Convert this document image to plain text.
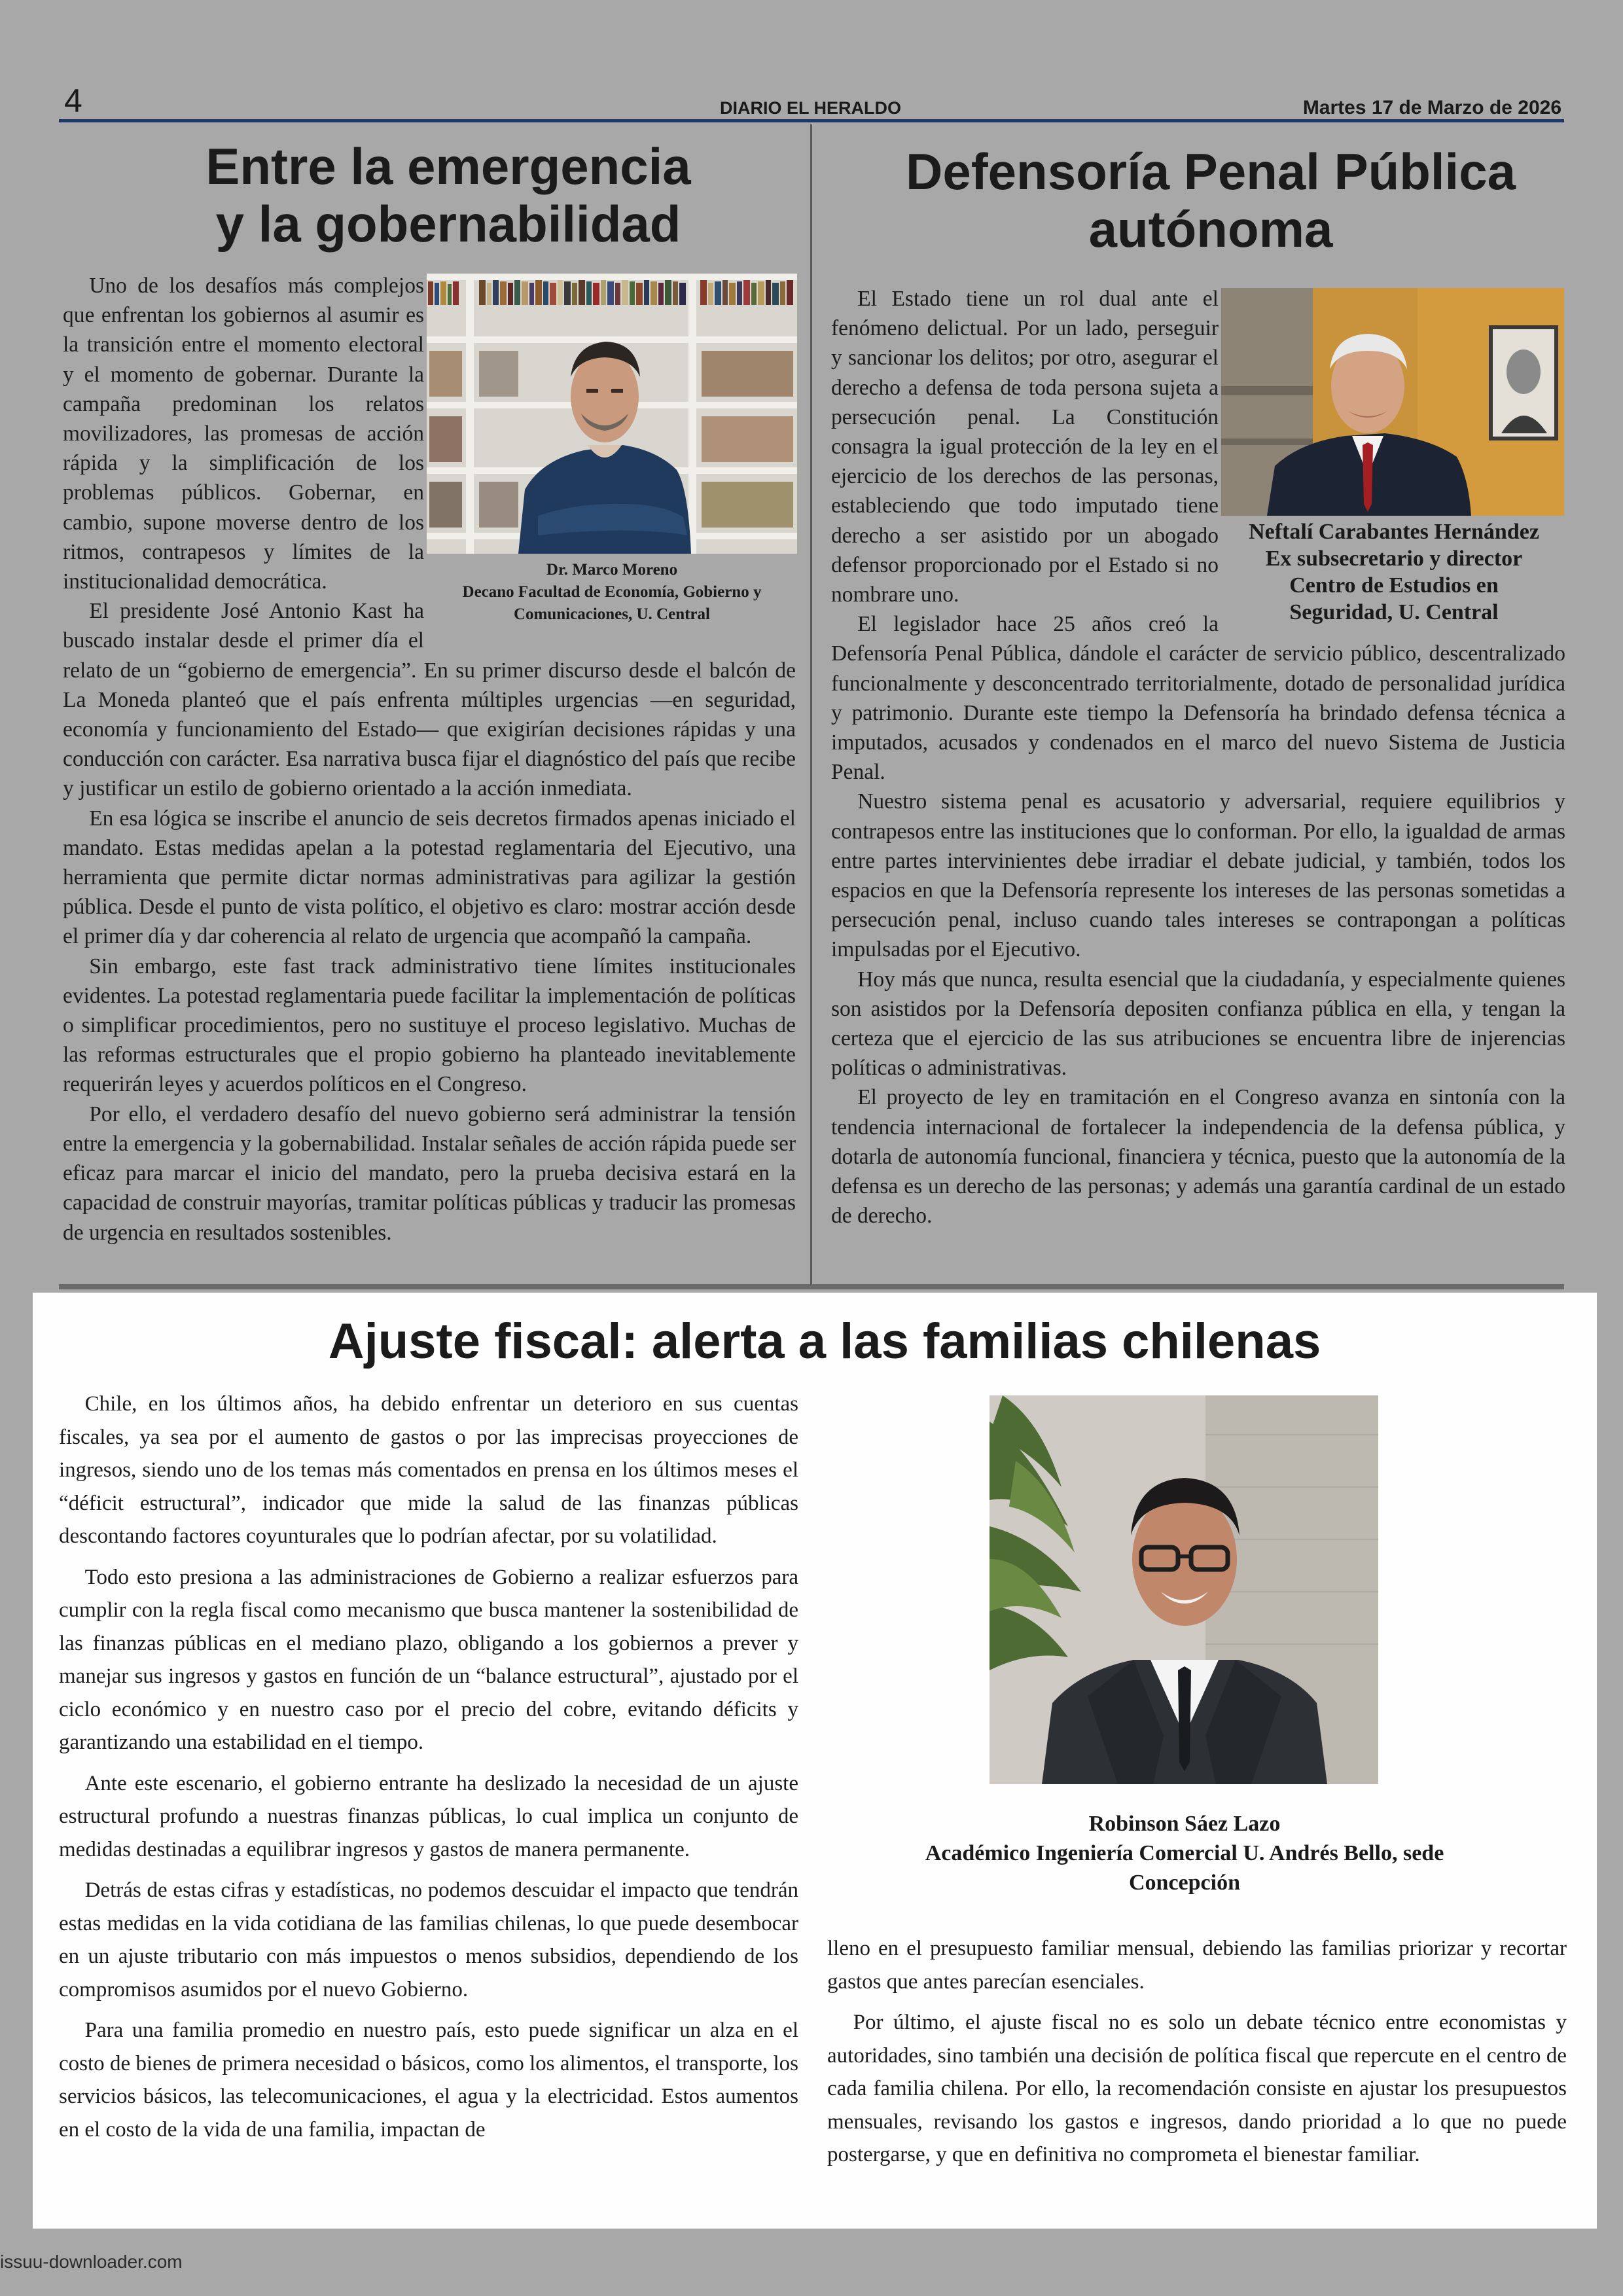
4	DIARIO EL HERALDO	Martes 17 de Marzo de 2026
Entre la emergencia
y la gobernabilidad
Dr. Marco Moreno
Decano Facultad de Economía, Gobierno y
Comunicaciones, U. Central

Uno de los desafíos más complejos que enfrentan los gobiernos al asumir es la transición entre el momento electoral y el momento de gobernar. Durante la campaña predominan los relatos movilizadores, las promesas de acción rápida y la simplificación de los problemas públicos. Gobernar, en cambio, supone moverse dentro de los ritmos, contrapesos y límites de la institucionalidad democrática.

El presidente José Antonio Kast ha buscado instalar desde el primer día el relato de un “gobierno de emergencia”. En su primer discurso desde el balcón de La Moneda planteó que el país enfrenta múltiples urgencias —en seguridad, economía y funcionamiento del Estado— que exigirían decisiones rápidas y una conducción con carácter. Esa narrativa busca fijar el diagnóstico del país que recibe y justificar un estilo de gobierno orientado a la acción inmediata.

En esa lógica se inscribe el anuncio de seis decretos firmados apenas iniciado el mandato. Estas medidas apelan a la potestad reglamentaria del Ejecutivo, una herramienta que permite dictar normas administrativas para agilizar la gestión pública. Desde el punto de vista político, el objetivo es claro: mostrar acción desde el primer día y dar coherencia al relato de urgencia que acompañó la campaña.

Sin embargo, este fast track administrativo tiene límites institucionales evidentes. La potestad reglamentaria puede facilitar la implementación de políticas o simplificar procedimientos, pero no sustituye el proceso legislativo. Muchas de las reformas estructurales que el propio gobierno ha planteado inevitablemente requerirán leyes y acuerdos políticos en el Congreso.

Por ello, el verdadero desafío del nuevo gobierno será administrar la tensión entre la emergencia y la gobernabilidad. Instalar señales de acción rápida puede ser eficaz para marcar el inicio del mandato, pero la prueba decisiva estará en la capacidad de construir mayorías, tramitar políticas públicas y traducir las promesas de urgencia en resultados sostenibles.

Defensoría Penal Pública
autónoma
Neftalí Carabantes Hernández
Ex subsecretario y director
Centro de Estudios en
Seguridad, U. Central

El Estado tiene un rol dual ante el fenómeno delictual. Por un lado, perseguir y sancionar los delitos; por otro, asegurar el derecho a defensa de toda persona sujeta a persecución penal. La Constitución consagra la igual protección de la ley en el ejercicio de los derechos de las personas, estableciendo que todo imputado tiene derecho a ser asistido por un abogado defensor proporcionado por el Estado si no nombrare uno.

El legislador hace 25 años creó la Defensoría Penal Pública, dándole el carácter de servicio público, descentralizado funcionalmente y desconcentrado territorialmente, dotado de personalidad jurídica y patrimonio. Durante este tiempo la Defensoría ha brindado defensa técnica a imputados, acusados y condenados en el marco del nuevo Sistema de Justicia Penal.

Nuestro sistema penal es acusatorio y adversarial, requiere equilibrios y contrapesos entre las instituciones que lo conforman. Por ello, la igualdad de armas entre partes intervinientes debe irradiar el debate judicial, y también, todos los espacios en que la Defensoría represente los intereses de las personas sometidas a persecución penal, incluso cuando tales intereses se contrapongan a políticas impulsadas por el Ejecutivo.

Hoy más que nunca, resulta esencial que la ciudadanía, y especialmente quienes son asistidos por la Defensoría depositen confianza pública en ella, y tengan la certeza que el ejercicio de las sus atribuciones se encuentra libre de injerencias políticas o administrativas.

El proyecto de ley en tramitación en el Congreso avanza en sintonía con la tendencia internacional de fortalecer la independencia de la defensa pública, y dotarla de autonomía funcional, financiera y técnica, puesto que la autonomía de la defensa es un derecho de las personas; y además una garantía cardinal de un estado de derecho.

Ajuste fiscal: alerta a las familias chilenas
Robinson Sáez Lazo
Académico Ingeniería Comercial U. Andrés Bello, sede
Concepción

Chile, en los últimos años, ha debido enfrentar un deterioro en sus cuentas fiscales, ya sea por el aumento de gastos o por las imprecisas proyecciones de ingresos, siendo uno de los temas más comentados en prensa en los últimos meses el “déficit estructural”, indicador que mide la salud de las finanzas públicas descontando factores coyunturales que lo podrían afectar, por su volatilidad.

Todo esto presiona a las administraciones de Gobierno a realizar esfuerzos para cumplir con la regla fiscal como mecanismo que busca mantener la sostenibilidad de las finanzas públicas en el mediano plazo, obligando a los gobiernos a prever y manejar sus ingresos y gastos en función de un “balance estructural”, ajustado por el ciclo económico y en nuestro caso por el precio del cobre, evitando déficits y garantizando una estabilidad en el tiempo.

Ante este escenario, el gobierno entrante ha deslizado la necesidad de un ajuste estructural profundo a nuestras finanzas públicas, lo cual implica un conjunto de medidas destinadas a equilibrar ingresos y gastos de manera permanente.

Detrás de estas cifras y estadísticas, no podemos descuidar el impacto que tendrán estas medidas en la vida cotidiana de las familias chilenas, lo que puede desembocar en un ajuste tributario con más impuestos o menos subsidios, dependiendo de los compromisos asumidos por el nuevo Gobierno.

Para una familia promedio en nuestro país, esto puede significar un alza en el costo de bienes de primera necesidad o básicos, como los alimentos, el transporte, los servicios básicos, las telecomunicaciones, el agua y la electricidad. Estos aumentos en el costo de la vida de una familia, impactan de

lleno en el presupuesto familiar mensual, debiendo las familias priorizar y recortar gastos que antes parecían esenciales.

Por último, el ajuste fiscal no es solo un debate técnico entre economistas y autoridades, sino también una decisión de política fiscal que repercute en el centro de cada familia chilena. Por ello, la recomendación consiste en ajustar los presupuestos mensuales, revisando los gastos e ingresos, dando prioridad a lo que no puede postergarse, y que en definitiva no comprometa el bienestar familiar.

issuu-downloader.com
